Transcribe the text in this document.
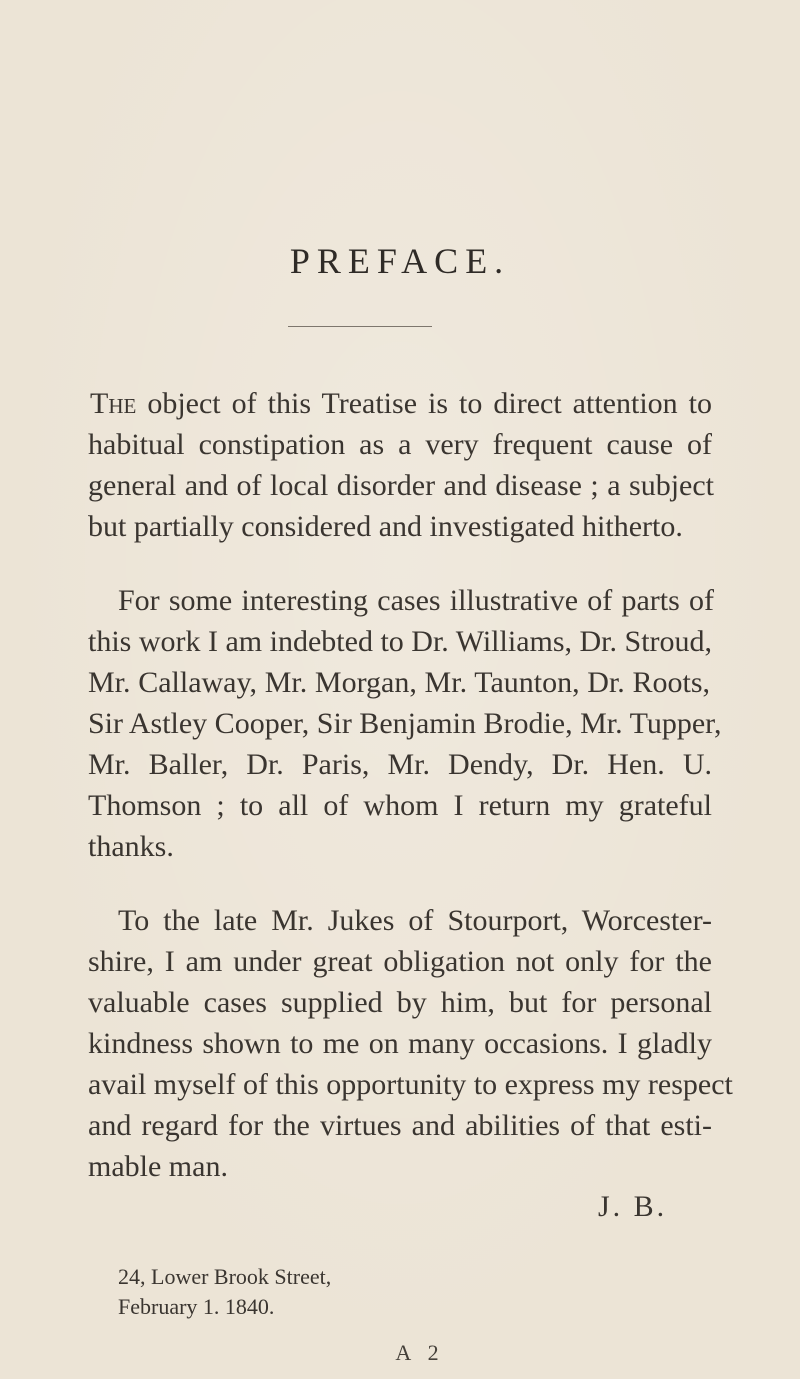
PREFACE.
The object of this Treatise is to direct attention to
habitual constipation as a very frequent cause of
general and of local disorder and disease ; a subject
but partially considered and investigated hitherto.
For some interesting cases illustrative of parts of
this work I am indebted to Dr. Williams, Dr. Stroud,
Mr. Callaway, Mr. Morgan, Mr. Taunton, Dr. Roots,
Sir Astley Cooper, Sir Benjamin Brodie, Mr. Tupper,
Mr. Baller, Dr. Paris, Mr. Dendy, Dr. Hen. U.
Thomson ; to all of whom I return my grateful
thanks.
To the late Mr. Jukes of Stourport, Worcester-
shire, I am under great obligation not only for the
valuable cases supplied by him, but for personal
kindness shown to me on many occasions. I gladly
avail myself of this opportunity to express my respect
and regard for the virtues and abilities of that esti-
mable man.
J. B.
24, Lower Brook Street,
February 1. 1840.
A 2
